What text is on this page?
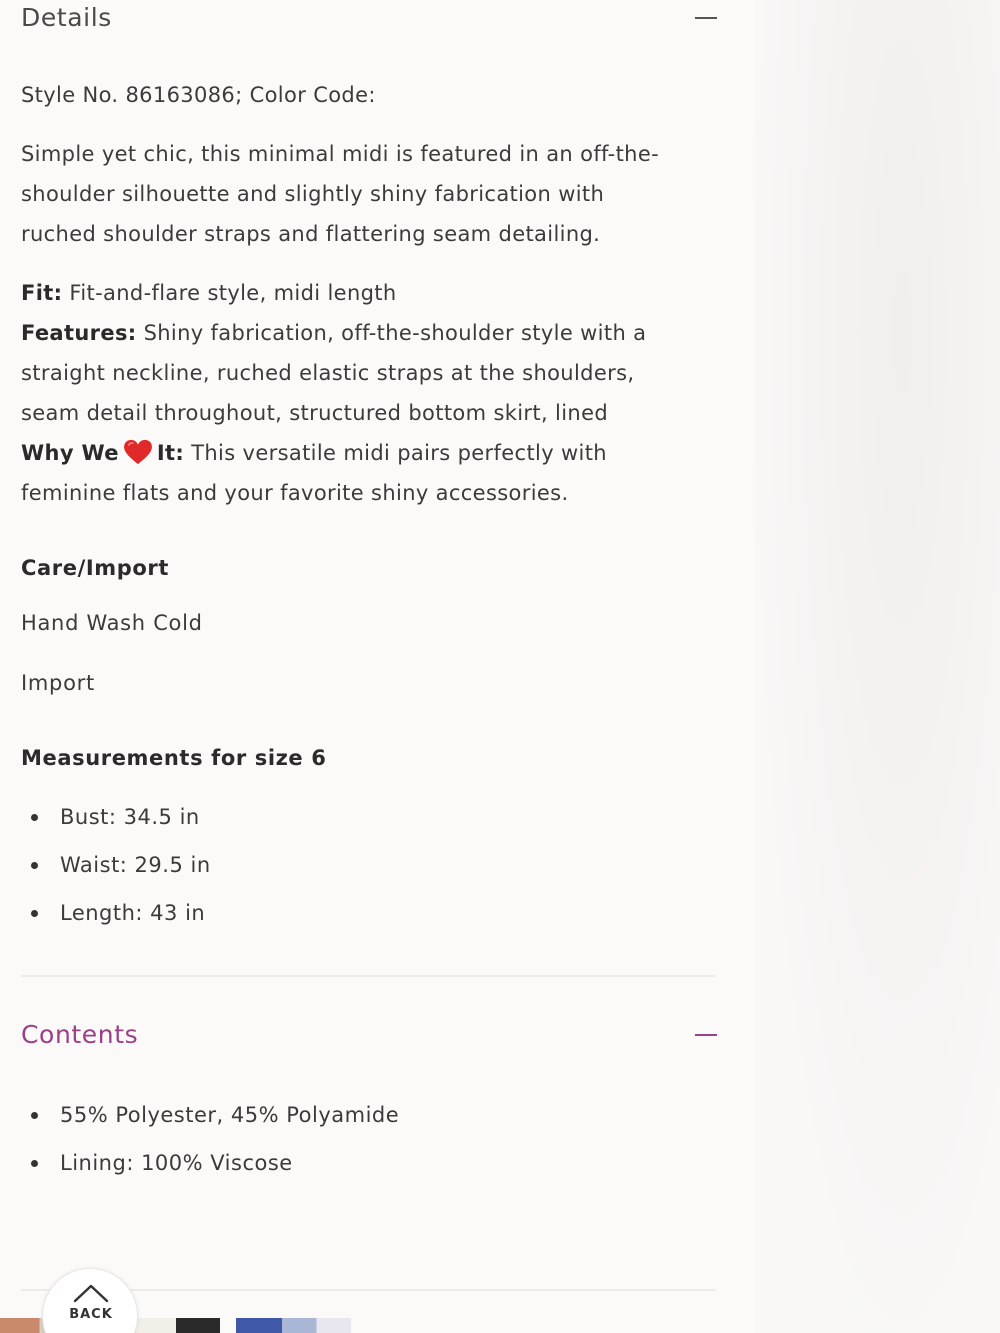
Details
Style No. 86163086; Color Code:
Simple yet chic, this minimal midi is featured in an off-the-
shoulder silhouette and slightly shiny fabrication with
ruched shoulder straps and flattering seam detailing.
Fit: Fit-and-flare style, midi length
Features: Shiny fabrication, off-the-shoulder style with a
straight neckline, ruched elastic straps at the shoulders,
seam detail throughout, structured bottom skirt, lined
Why We It: This versatile midi pairs perfectly with
feminine flats and your favorite shiny accessories.
Care/Import
Hand Wash Cold
Import
Measurements for size 6
Bust: 34.5 in
Waist: 29.5 in
Length: 43 in
Contents
55% Polyester, 45% Polyamide
Lining: 100% Viscose
BACK
